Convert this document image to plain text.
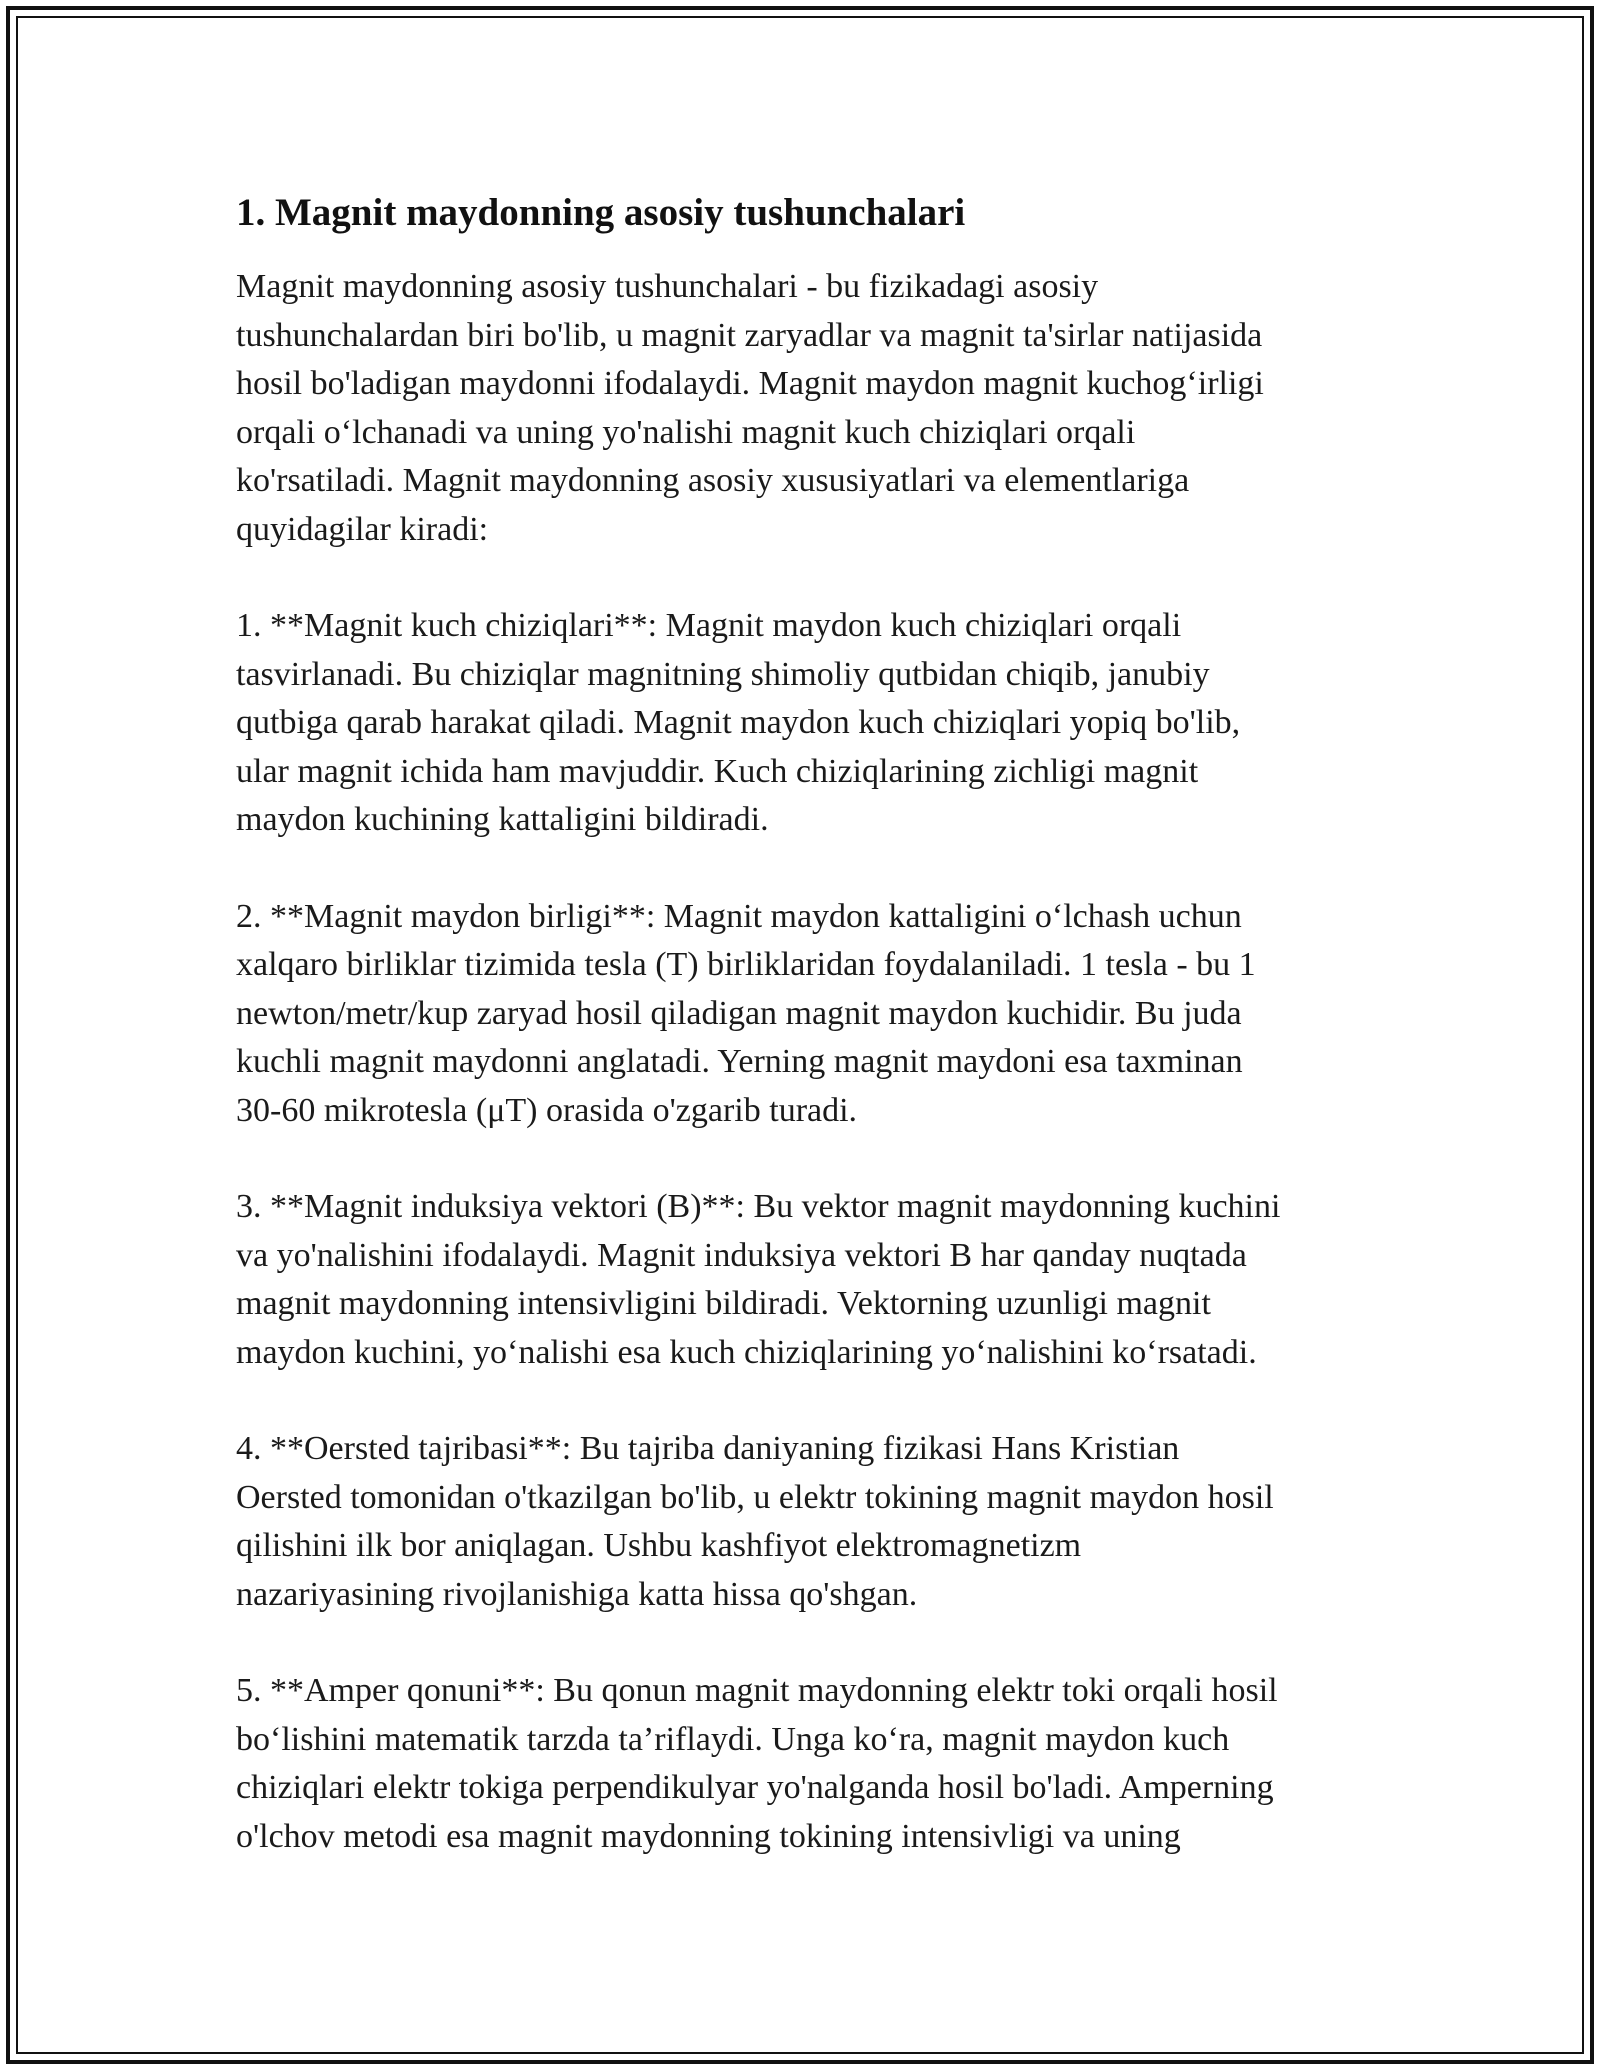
1. Magnit maydonning asosiy tushunchalari

Magnit maydonning asosiy tushunchalari - bu fizikadagi asosiy
tushunchalardan biri bo'lib, u magnit zaryadlar va magnit ta'sirlar natijasida
hosil bo'ladigan maydonni ifodalaydi. Magnit maydon magnit kuchog‘irligi
orqali o‘lchanadi va uning yo'nalishi magnit kuch chiziqlari orqali
ko'rsatiladi. Magnit maydonning asosiy xususiyatlari va elementlariga
quyidagilar kiradi:

1. **Magnit kuch chiziqlari**: Magnit maydon kuch chiziqlari orqali
tasvirlanadi. Bu chiziqlar magnitning shimoliy qutbidan chiqib, janubiy
qutbiga qarab harakat qiladi. Magnit maydon kuch chiziqlari yopiq bo'lib,
ular magnit ichida ham mavjuddir. Kuch chiziqlarining zichligi magnit
maydon kuchining kattaligini bildiradi.

2. **Magnit maydon birligi**: Magnit maydon kattaligini o‘lchash uchun
xalqaro birliklar tizimida tesla (T) birliklaridan foydalaniladi. 1 tesla - bu 1
newton/metr/kup zaryad hosil qiladigan magnit maydon kuchidir. Bu juda
kuchli magnit maydonni anglatadi. Yerning magnit maydoni esa taxminan
30-60 mikrotesla (μT) orasida o'zgarib turadi.

3. **Magnit induksiya vektori (B)**: Bu vektor magnit maydonning kuchini
va yo'nalishini ifodalaydi. Magnit induksiya vektori B har qanday nuqtada
magnit maydonning intensivligini bildiradi. Vektorning uzunligi magnit
maydon kuchini, yo‘nalishi esa kuch chiziqlarining yo‘nalishini ko‘rsatadi.

4. **Oersted tajribasi**: Bu tajriba daniyaning fizikasi Hans Kristian
Oersted tomonidan o'tkazilgan bo'lib, u elektr tokining magnit maydon hosil
qilishini ilk bor aniqlagan. Ushbu kashfiyot elektromagnetizm
nazariyasining rivojlanishiga katta hissa qo'shgan.

5. **Amper qonuni**: Bu qonun magnit maydonning elektr toki orqali hosil
bo‘lishini matematik tarzda ta’riflaydi. Unga ko‘ra, magnit maydon kuch
chiziqlari elektr tokiga perpendikulyar yo'nalganda hosil bo'ladi. Amperning
o'lchov metodi esa magnit maydonning tokining intensivligi va uning
